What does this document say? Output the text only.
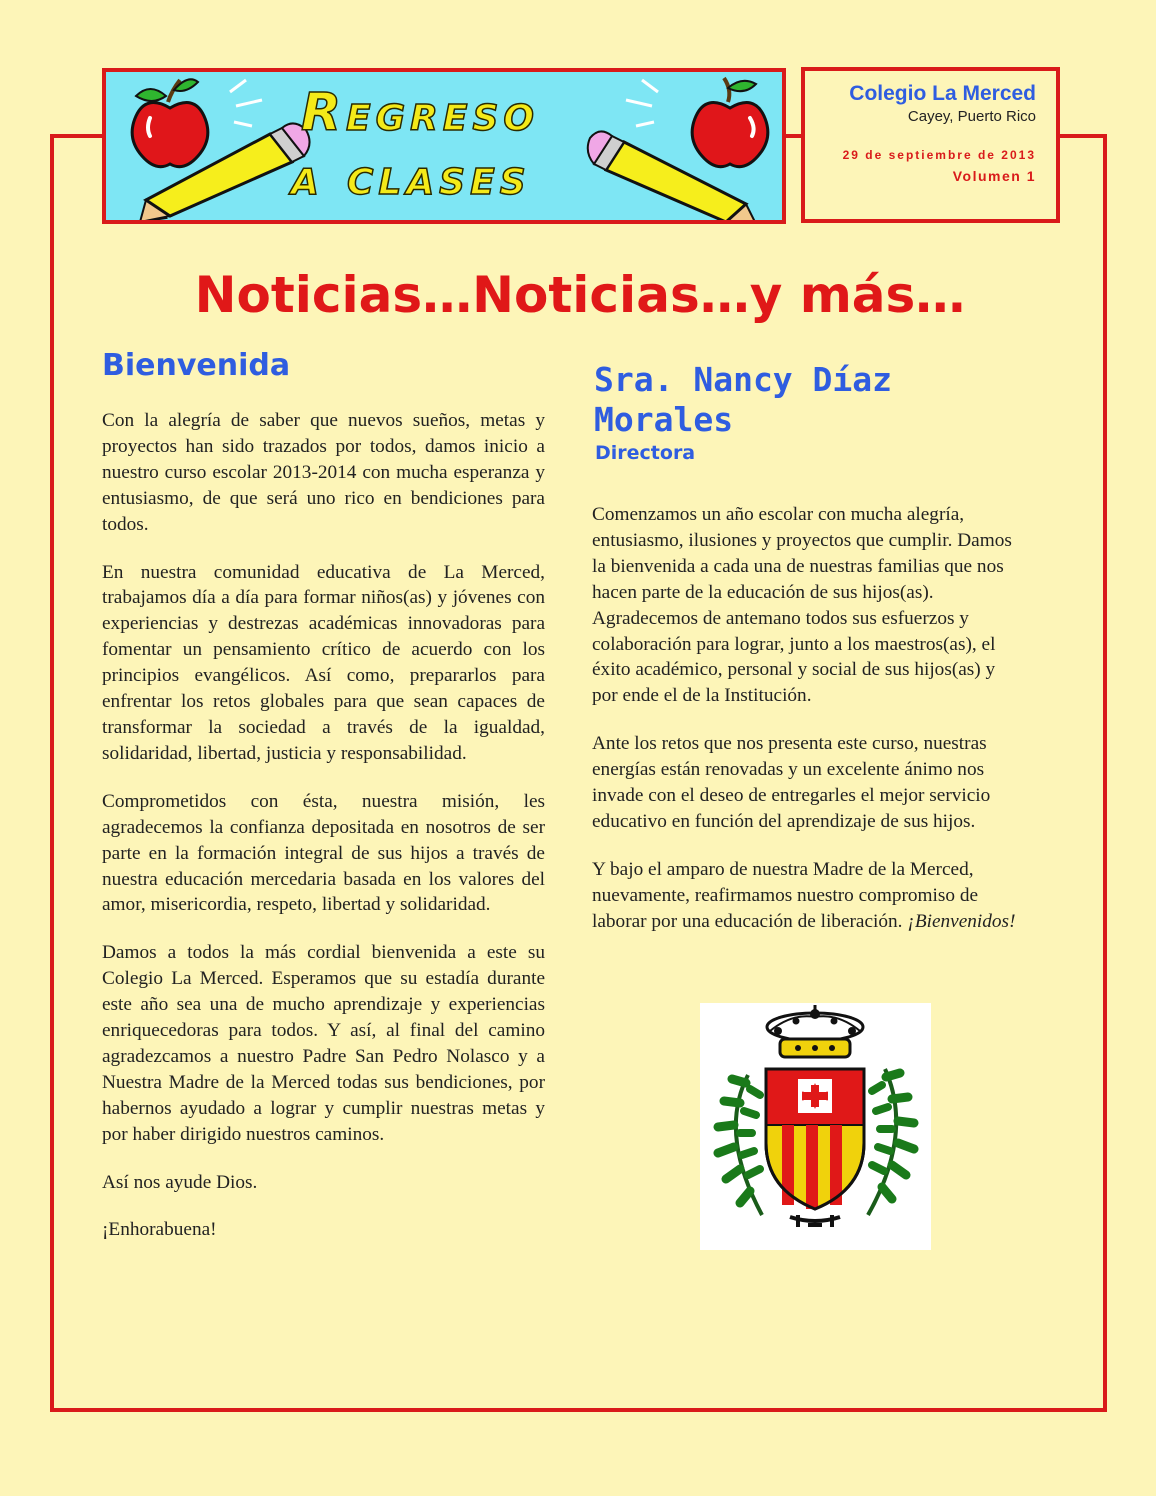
Regreso
a clases
Colegio La Merced
Cayey, Puerto Rico
29 de septiembre de 2013
Volumen 1
Noticias…Noticias…y más…
Bienvenida

Con la alegría de saber que nuevos sueños, metas y proyectos han sido trazados por todos, damos inicio a nuestro curso escolar 2013-2014 con mucha esperanza y entusiasmo, de que será uno rico en bendiciones para todos.

En nuestra comunidad educativa de La Merced, trabajamos día a día para formar niños(as) y jóvenes con experiencias y destrezas académicas innovadoras para fomentar un pensamiento crítico de acuerdo con los principios evangélicos. Así como, prepararlos para enfrentar los retos globales para que sean capaces de transformar la sociedad a través de la igualdad, solidaridad, libertad, justicia y responsabilidad.

Comprometidos con ésta, nuestra misión, les agradecemos la confianza depositada en nosotros de ser parte en la formación integral de sus hijos a través de nuestra educación mercedaria basada en los valores del amor, misericordia, respeto, libertad y solidaridad.

Damos a todos la más cordial bienvenida a este su Colegio La Merced. Esperamos que su estadía durante este año sea una de mucho aprendizaje y experiencias enriquecedoras para todos. Y así, al final del camino agradezcamos a nuestro Padre San Pedro Nolasco y a Nuestra Madre de la Merced todas sus bendiciones, por habernos ayudado a lograr y cumplir nuestras metas y por haber dirigido nuestros caminos.

Así nos ayude Dios.

¡Enhorabuena!

Sra. Nancy Díaz Morales
Directora

Comenzamos un año escolar con mucha alegría, entusiasmo, ilusiones y proyectos que cumplir. Damos la bienvenida a cada una de nuestras familias que nos hacen parte de la educación de sus hijos(as). Agradecemos de antemano todos sus esfuerzos y colaboración para lograr, junto a los maestros(as), el éxito académico, personal y social de sus hijos(as) y por ende el de la Institución.

Ante los retos que nos presenta este curso, nuestras energías están renovadas y un excelente ánimo nos invade con el deseo de entregarles el mejor servicio educativo en función del aprendizaje de sus hijos.

Y bajo el amparo de nuestra Madre de la Merced, nuevamente, reafirmamos nuestro compromiso de laborar por una educación de liberación. ¡Bienvenidos!
